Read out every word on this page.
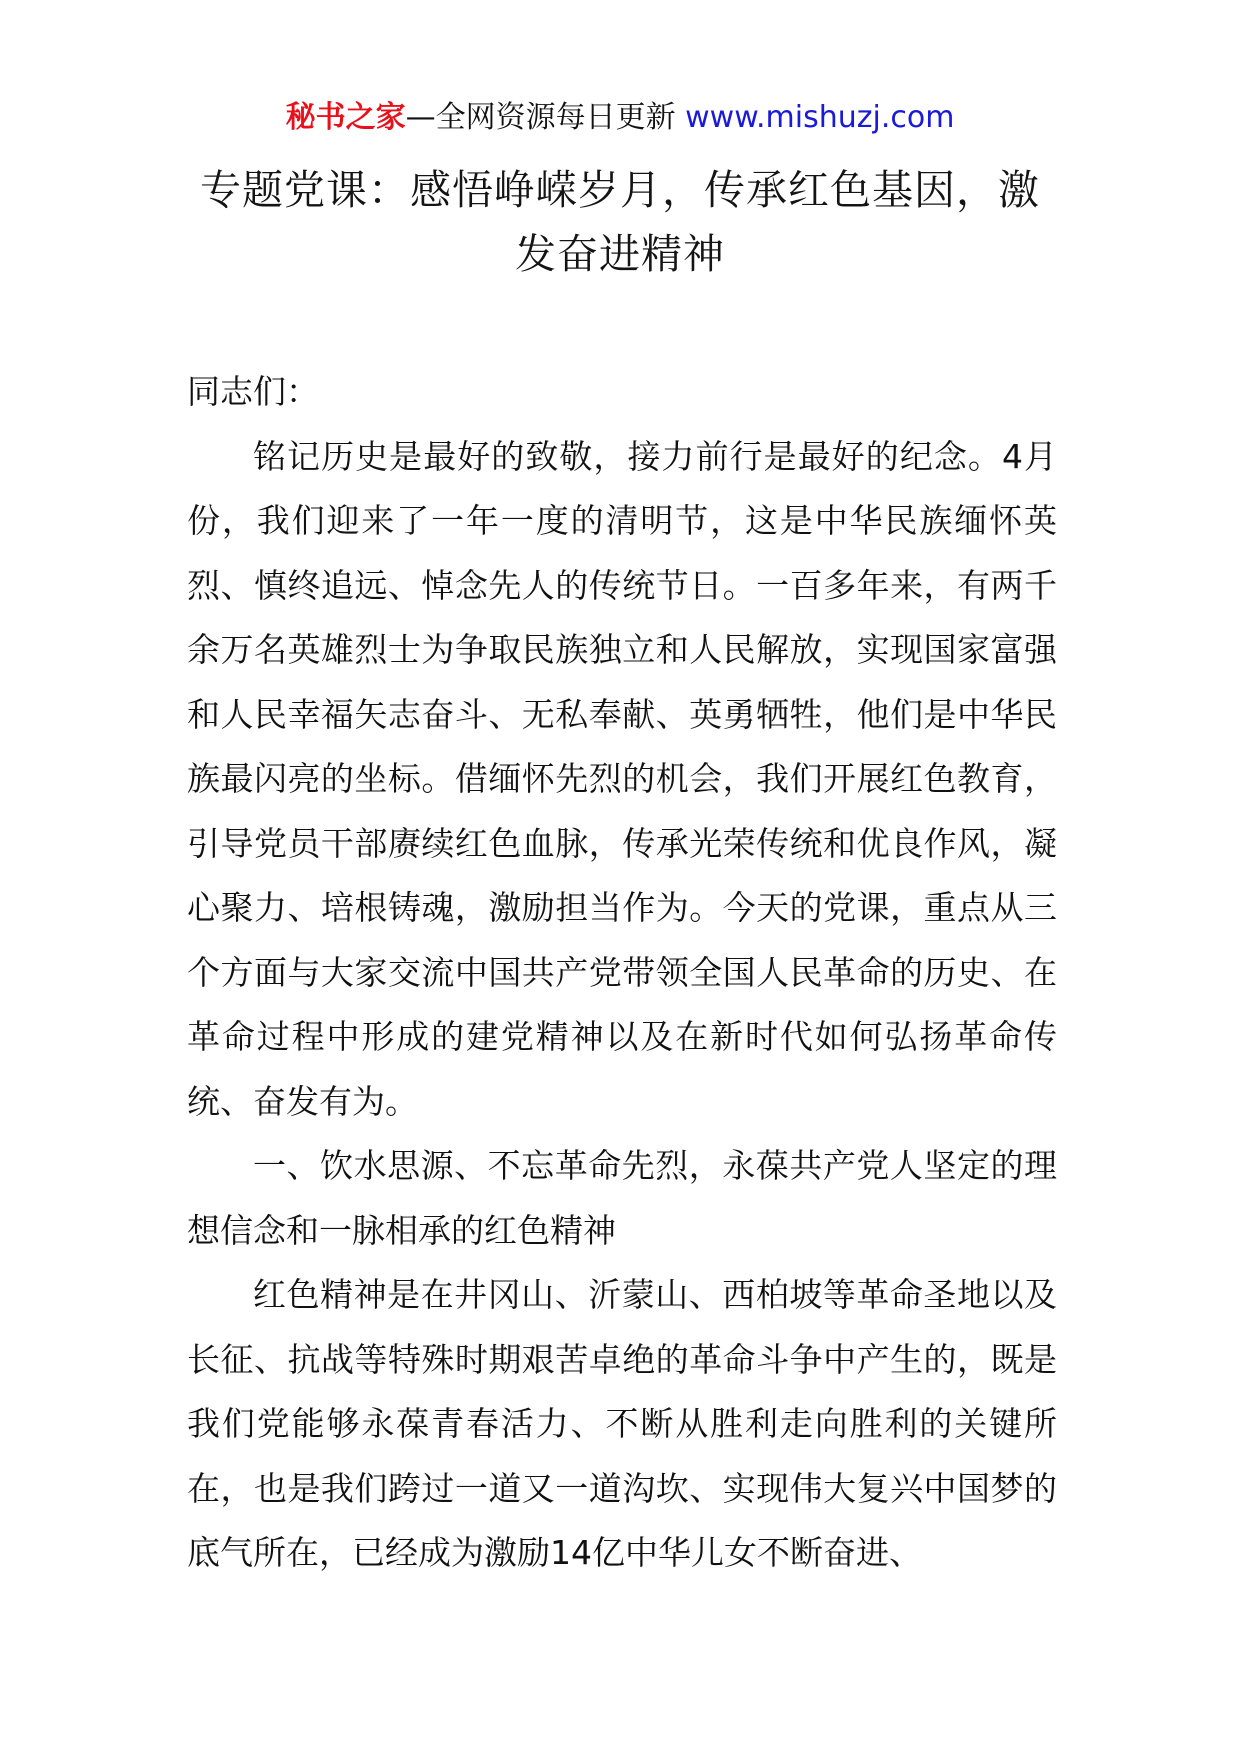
秘书之家—全网资源每日更新 www.mishuzj.com
专题党课：感悟峥嵘岁月，传承红色基因，激
发奋进精神

同志们：

铭记历史是最好的致敬，接力前行是最好的纪念。4月份，我们迎来了一年一度的清明节，这是中华民族缅怀英烈、慎终追远、悼念先人的传统节日。一百多年来，有两千余万名英雄烈士为争取民族独立和人民解放，实现国家富强和人民幸福矢志奋斗、无私奉献、英勇牺牲，他们是中华民族最闪亮的坐标。借缅怀先烈的机会，我们开展红色教育，引导党员干部赓续红色血脉，传承光荣传统和优良作风，凝心聚力、培根铸魂，激励担当作为。今天的党课，重点从三个方面与大家交流中国共产党带领全国人民革命的历史、在革命过程中形成的建党精神以及在新时代如何弘扬革命传统、奋发有为。

一、饮水思源、不忘革命先烈，永葆共产党人坚定的理想信念和一脉相承的红色精神

红色精神是在井冈山、沂蒙山、西柏坡等革命圣地以及长征、抗战等特殊时期艰苦卓绝的革命斗争中产生的，既是我们党能够永葆青春活力、不断从胜利走向胜利的关键所在，也是我们跨过一道又一道沟坎、实现伟大复兴中国梦的底气所在，已经成为激励14亿中华儿女不断奋进、
